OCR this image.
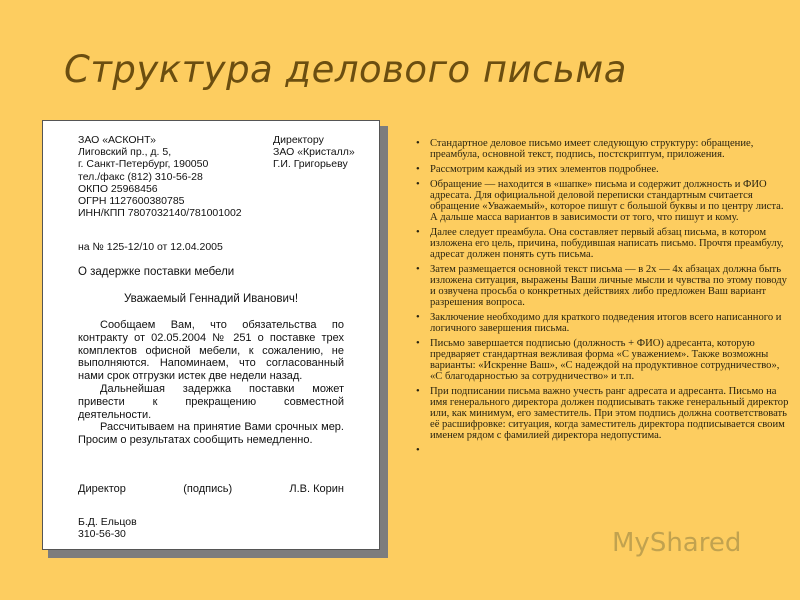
Структура делового письма
ЗАО «АСКОНТ»
Лиговский пр., д. 5,
г. Санкт-Петербург, 190050
тел./факс (812) 310-56-28
ОКПО 25968456
ОГРН 1127600380785
ИНН/КПП 7807032140/781001002
Директору
ЗАО «Кристалл»
Г.И. Григорьеву
на № 125-12/10 от 12.04.2005
О задержке поставки мебели
Уважаемый Геннадий Иванович!

Сообщаем Вам, что обязательства по контракту от 02.05.2004 № 251 о поставке трех комплектов офисной мебели, к сожалению, не выполняются. Напоминаем, что согласованный нами срок отгрузки истек две недели назад.

Дальнейшая задержка поставки может привести к прекращению совместной деятельности.

Рассчитываем на принятие Вами срочных мер. Просим о результатах сообщить немедленно.

Директор	(подпись)	Л.В. Корин
Б.Д. Ельцов
310-56-30
• Стандартное деловое письмо имеет следующую структуру: обращение, преамбула, основной текст, подпись, постскриптум, приложения.
• Рассмотрим каждый из этих элементов подробнее.
• Обращение — находится в «шапке» письма и содержит должность и ФИО адресата. Для официальной деловой переписки стандартным считается обращение «Уважаемый», которое пишут с большой буквы и по центру листа. А дальше масса вариантов в зависимости от того, что пишут и кому.
• Далее следует преамбула. Она составляет первый абзац письма, в котором изложена его цель, причина, побудившая написать письмо. Прочтя преамбулу, адресат должен понять суть письма.
• Затем размещается основной текст письма — в 2х — 4х абзацах должна быть изложена ситуация, выражены Ваши личные мысли и чувства по этому поводу и озвучена просьба о конкретных действиях либо предложен Ваш вариант разрешения вопроса.
• Заключение необходимо для краткого подведения итогов всего написанного и логичного завершения письма.
• Письмо завершается подписью (должность + ФИО) адресанта, которую предваряет стандартная вежливая форма «С уважением». Также возможны варианты: «Искренне Ваш», «С надеждой на продуктивное сотрудничество», «С благодарностью за сотрудничество» и т.п.
• При подписании письма важно учесть ранг адресата и адресанта. Письмо на имя генерального директора должен подписывать также генеральный директор или, как минимум, его заместитель. При этом подпись должна соответствовать её расшифровке: ситуация, когда заместитель директора подписывается своим именем рядом с фамилией директора недопустима.
•
MyShared
